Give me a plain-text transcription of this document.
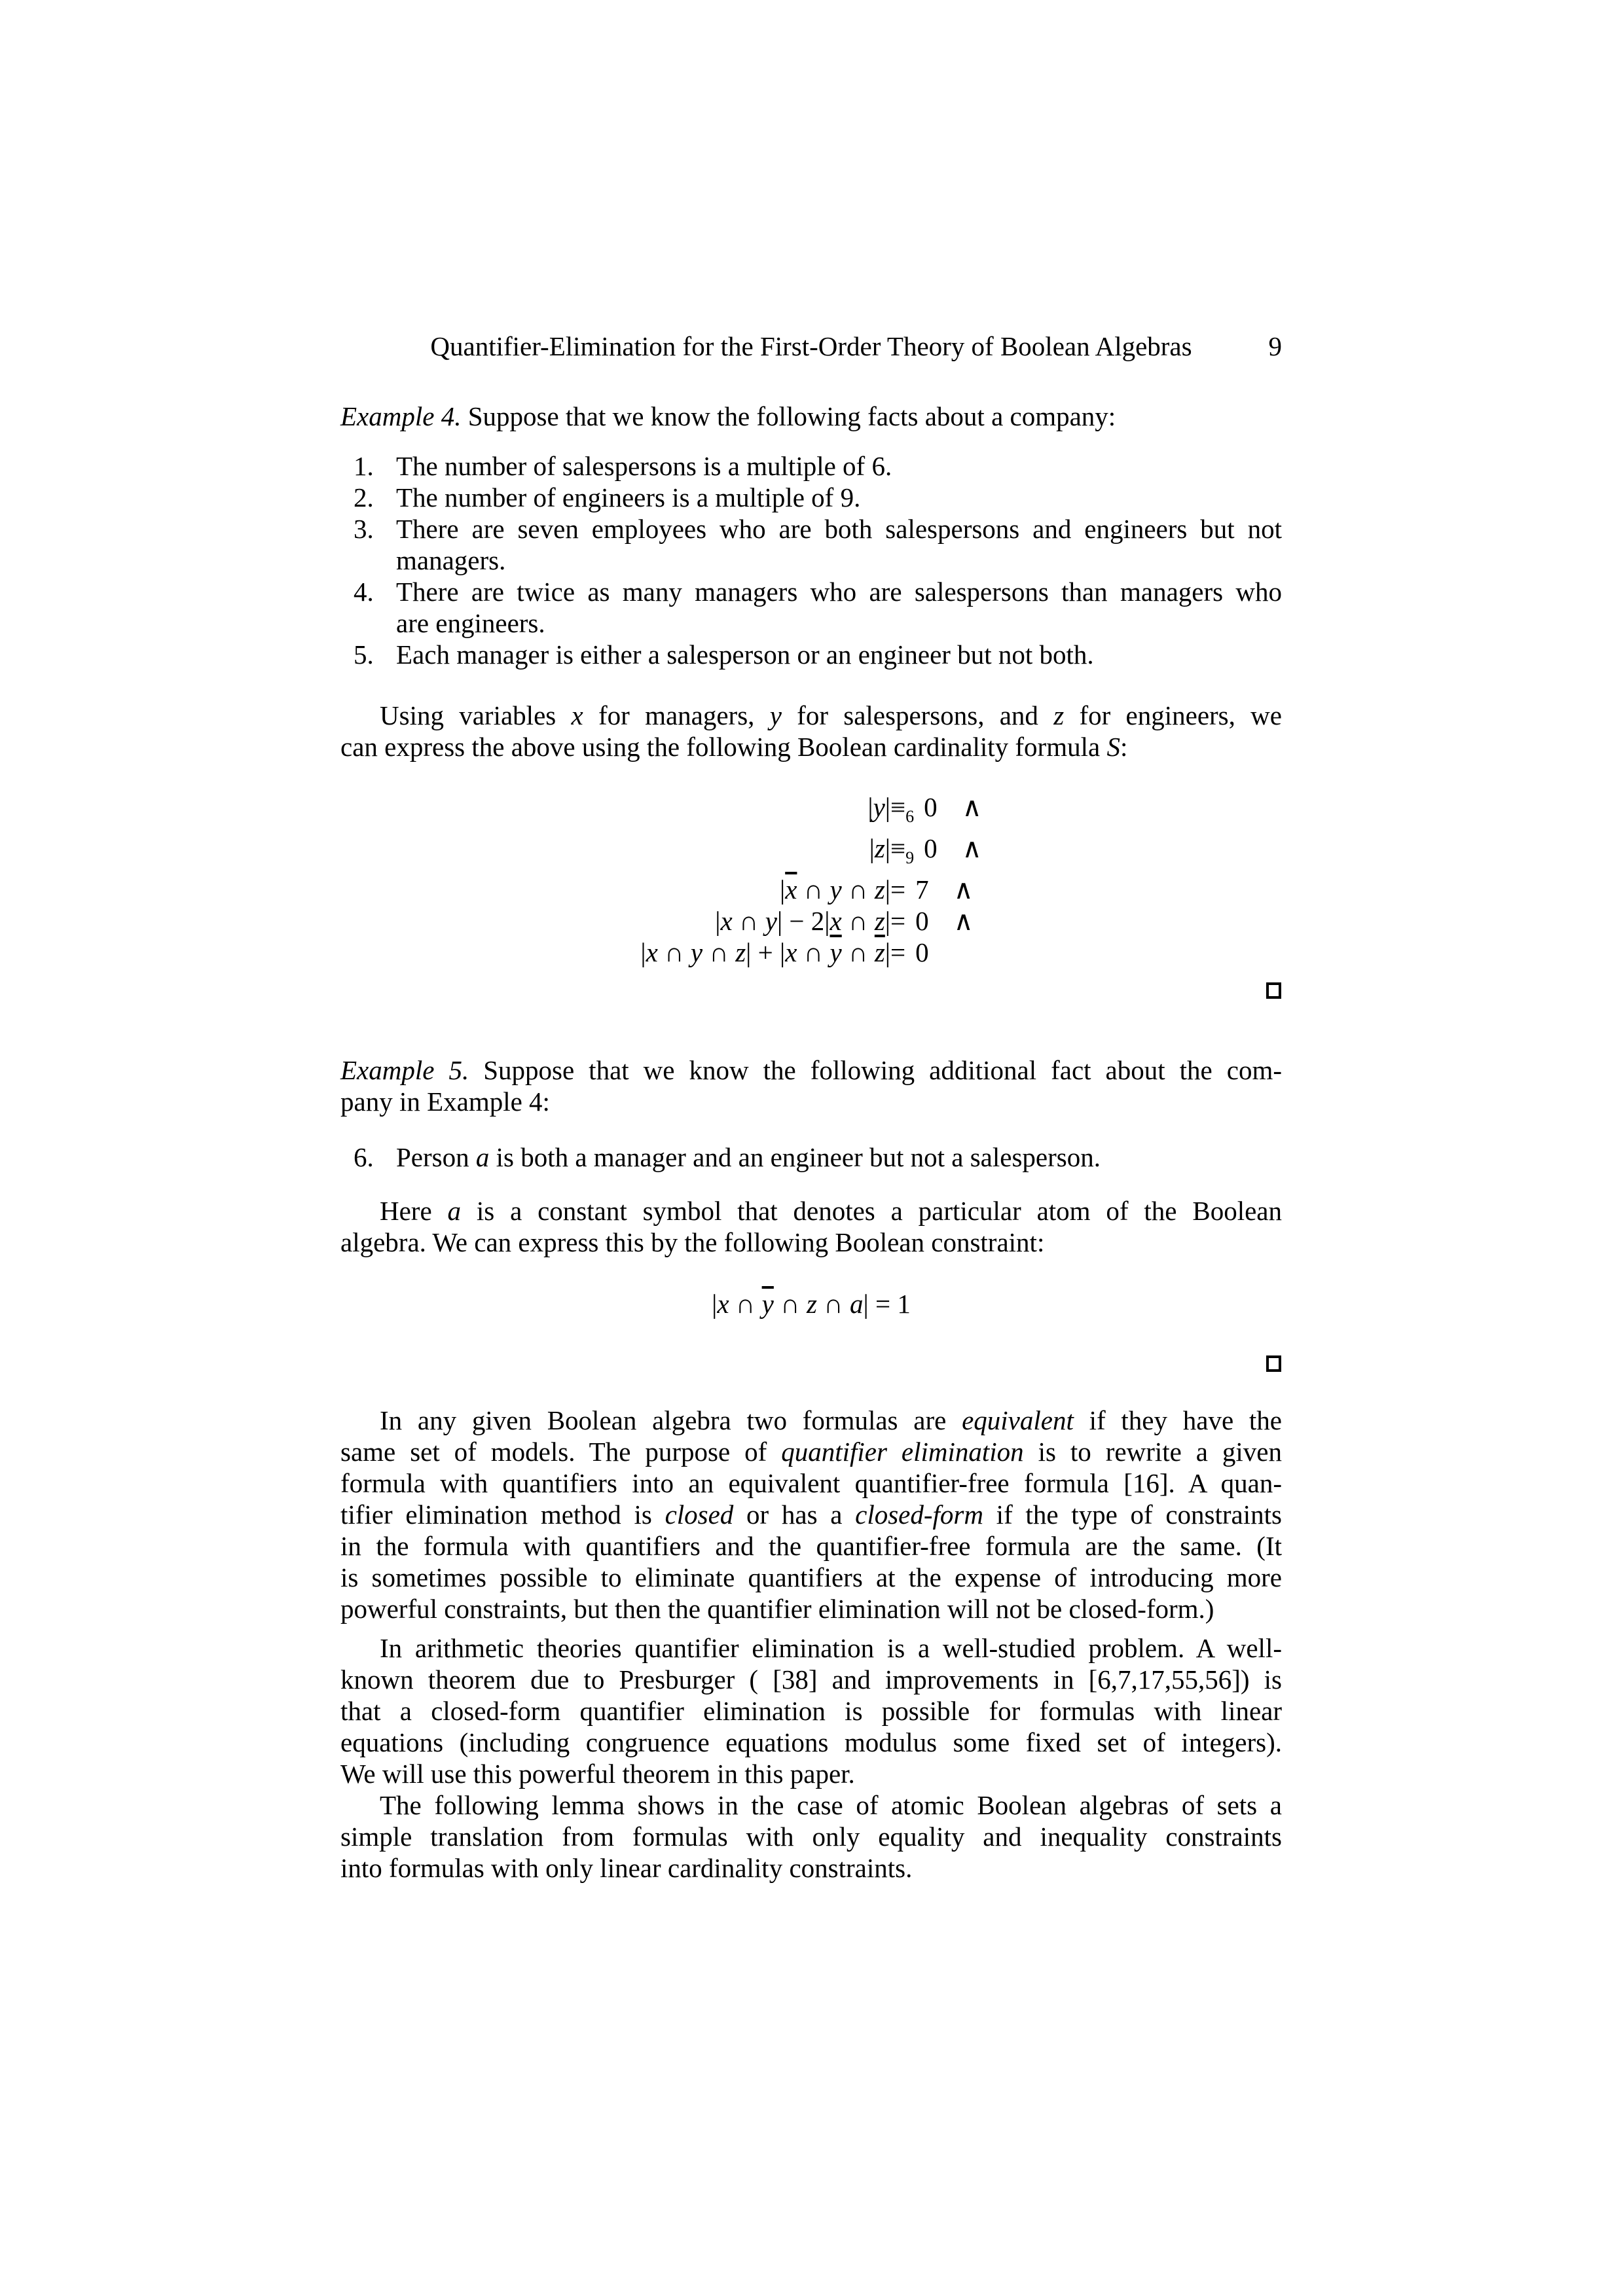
Quantifier-Elimination for the First-Order Theory of Boolean Algebras	9
Example 4. Suppose that we know the following facts about a company:
1. The number of salespersons is a multiple of 6.
2. The number of engineers is a multiple of 9.
3. There are seven employees who are both salespersons and engineers but not
managers.
4. There are twice as many managers who are salespersons than managers who
are engineers.
5. Each manager is either a salesperson or an engineer but not both.
Using variables x for managers, y for salespersons, and z for engineers, we
can express the above using the following Boolean cardinality formula S:
|y|	$\equiv_6$ 0 ∧
|z|	$\equiv_9$ 0 ∧
$|\overline{x}$ ∩ y ∩ z|	= 7 ∧
|x ∩ y| − 2|x ∩ z|	= 0 ∧
|x ∩ y ∩ z| + |x ∩ $\overline{y}$ ∩ $\overline{z}|$	= 0
Example 5. Suppose that we know the following additional fact about the com-
pany in Example 4:
6. Person a is both a manager and an engineer but not a salesperson.
Here a is a constant symbol that denotes a particular atom of the Boolean
algebra. We can express this by the following Boolean constraint:
|x ∩ $\overline{y}$ ∩ z ∩ a| = 1
In any given Boolean algebra two formulas are equivalent if they have the
same set of models. The purpose of quantifier elimination is to rewrite a given
formula with quantifiers into an equivalent quantifier-free formula [16]. A quan-
tifier elimination method is closed or has a closed-form if the type of constraints
in the formula with quantifiers and the quantifier-free formula are the same. (It
is sometimes possible to eliminate quantifiers at the expense of introducing more
powerful constraints, but then the quantifier elimination will not be closed-form.)
In arithmetic theories quantifier elimination is a well-studied problem. A well-
known theorem due to Presburger ( [38] and improvements in [6,7,17,55,56]) is
that a closed-form quantifier elimination is possible for formulas with linear
equations (including congruence equations modulus some fixed set of integers).
We will use this powerful theorem in this paper.
The following lemma shows in the case of atomic Boolean algebras of sets a
simple translation from formulas with only equality and inequality constraints
into formulas with only linear cardinality constraints.
